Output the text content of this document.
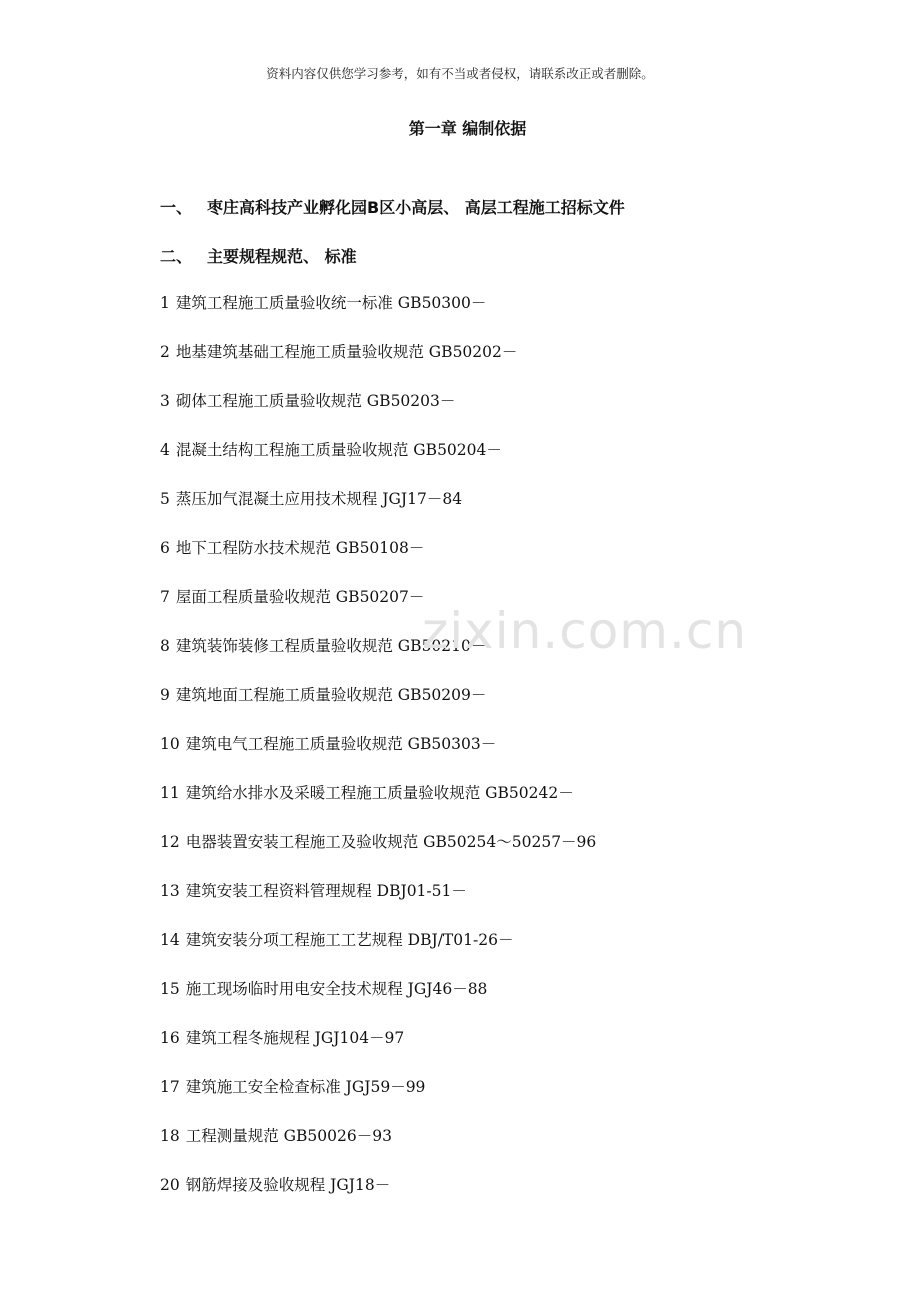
资料内容仅供您学习参考，如有不当或者侵权，请联系改正或者删除。
第一章 编制依据
一、 枣庄高科技产业孵化园B区小高层、 高层工程施工招标文件
二、 主要规程规范、 标准
1 建筑工程施工质量验收统一标准 GB50300－
2 地基建筑基础工程施工质量验收规范 GB50202－
3 砌体工程施工质量验收规范 GB50203－
4 混凝土结构工程施工质量验收规范 GB50204－
5 蒸压加气混凝土应用技术规程 JGJ17－84
6 地下工程防水技术规范 GB50108－
7 屋面工程质量验收规范 GB50207－
8 建筑装饰装修工程质量验收规范 GB50210－
9 建筑地面工程施工质量验收规范 GB50209－
10 建筑电气工程施工质量验收规范 GB50303－
11 建筑给水排水及采暖工程施工质量验收规范 GB50242－
12 电器装置安装工程施工及验收规范 GB50254～50257－96
13 建筑安装工程资料管理规程 DBJ01-51－
14 建筑安装分项工程施工工艺规程 DBJ/T01-26－
15 施工现场临时用电安全技术规程 JGJ46－88
16 建筑工程冬施规程 JGJ104－97
17 建筑施工安全检查标准 JGJ59－99
18 工程测量规范 GB50026－93
20 钢筋焊接及验收规程 JGJ18－
zixin.com.cn
